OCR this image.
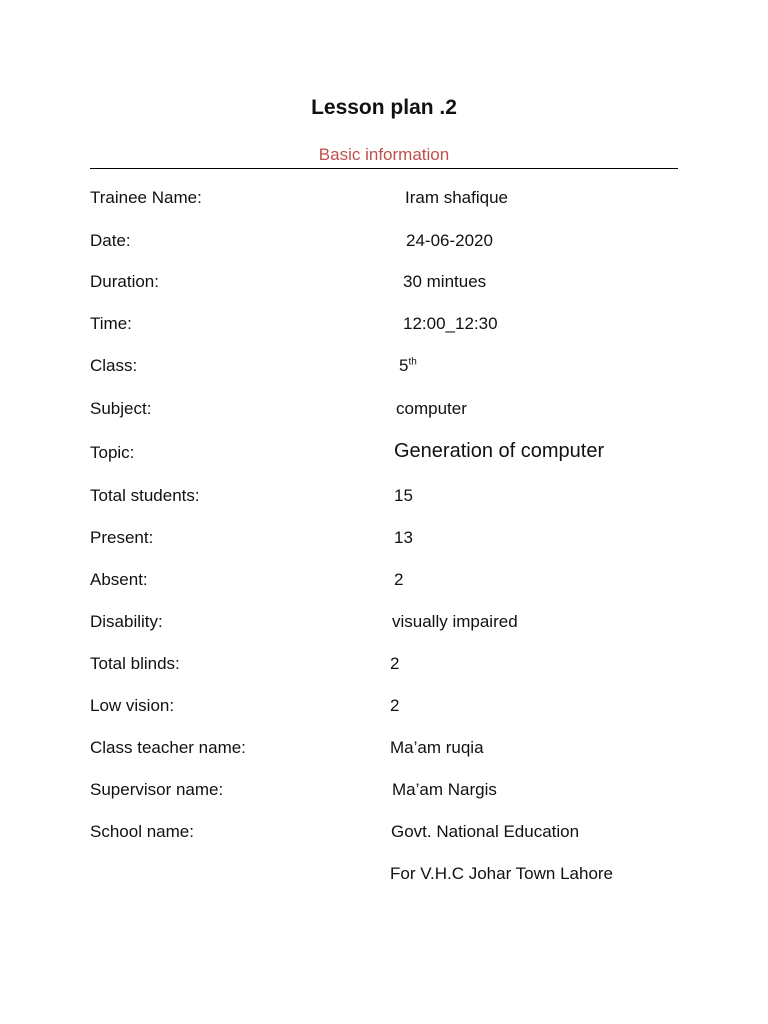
Lesson plan .2
Basic information
Trainee Name:	Iram shafique
Date:	24-06-2020
Duration:	30 mintues
Time:	12:00_12:30
Class:	5th
Subject:	computer
Topic:	Generation of computer
Total students:	15
Present:	13
Absent:	2
Disability:	visually impaired
Total blinds:	2
Low vision:	2
Class teacher name:	Ma’am ruqia
Supervisor name:	Ma’am Nargis
School name:	Govt. National Education
For V.H.C Johar Town Lahore
